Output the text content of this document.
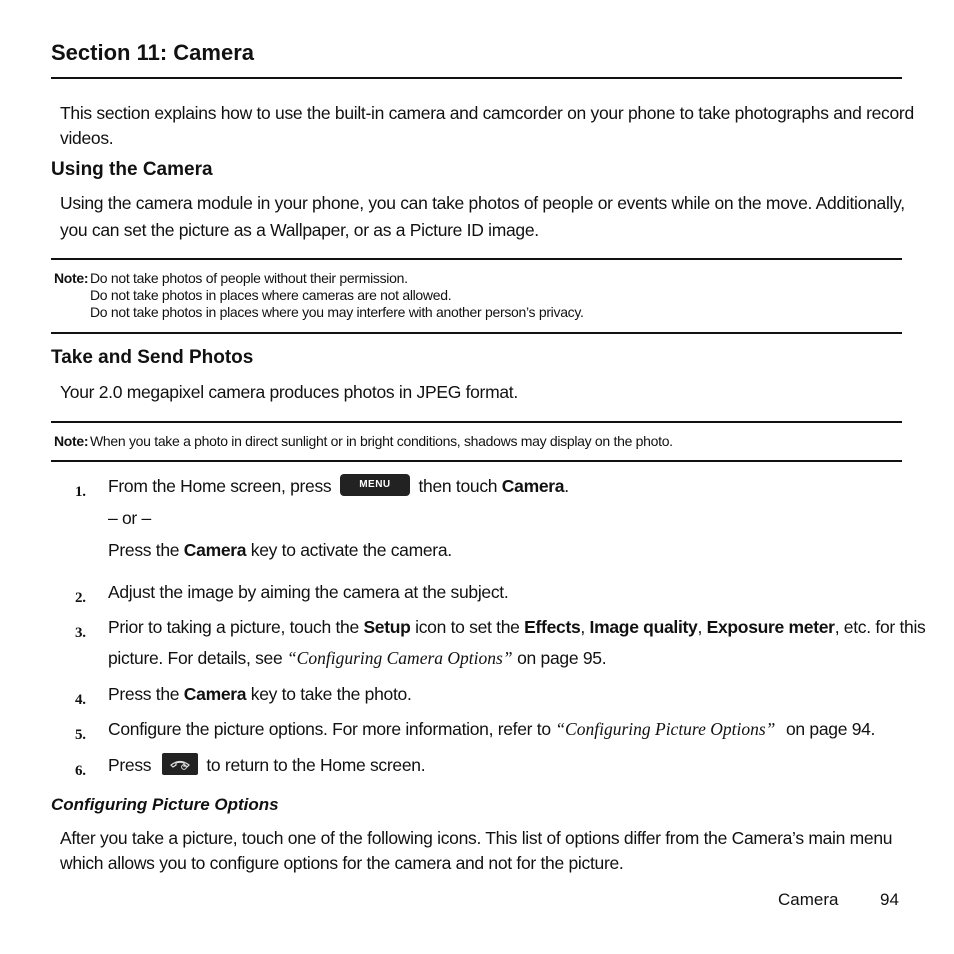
Section 11: Camera
This section explains how to use the built-in camera and camcorder on your phone to take photographs and record
videos.
Using the Camera
Using the camera module in your phone, you can take photos of people or events while on the move. Additionally,
you can set the picture as a Wallpaper, or as a Picture ID image.
Note: Do not take photos of people without their permission.
Do not take photos in places where cameras are not allowed.
Do not take photos in places where you may interfere with another person’s privacy.
Take and Send Photos
Your 2.0 megapixel camera produces photos in JPEG format.
Note: When you take a photo in direct sunlight or in bright conditions, shadows may display on the photo.
1. From the Home screen, press	MENU then touch Camera.
– or –
Press the Camera key to activate the camera.
2. Adjust the image by aiming the camera at the subject.
3. Prior to taking a picture, touch the Setup icon to set the Effects, Image quality, Exposure meter, etc. for this
picture. For details, see “Configuring Camera Options” on page 95.
4. Press the Camera key to take the photo.
5. Configure the picture options. For more information, refer to “Configuring Picture Options” on page 94.
6. Press	to return to the Home screen.
Configuring Picture Options
After you take a picture, touch one of the following icons. This list of options differ from the Camera’s main menu
which allows you to configure options for the camera and not for the picture.
Camera 94
